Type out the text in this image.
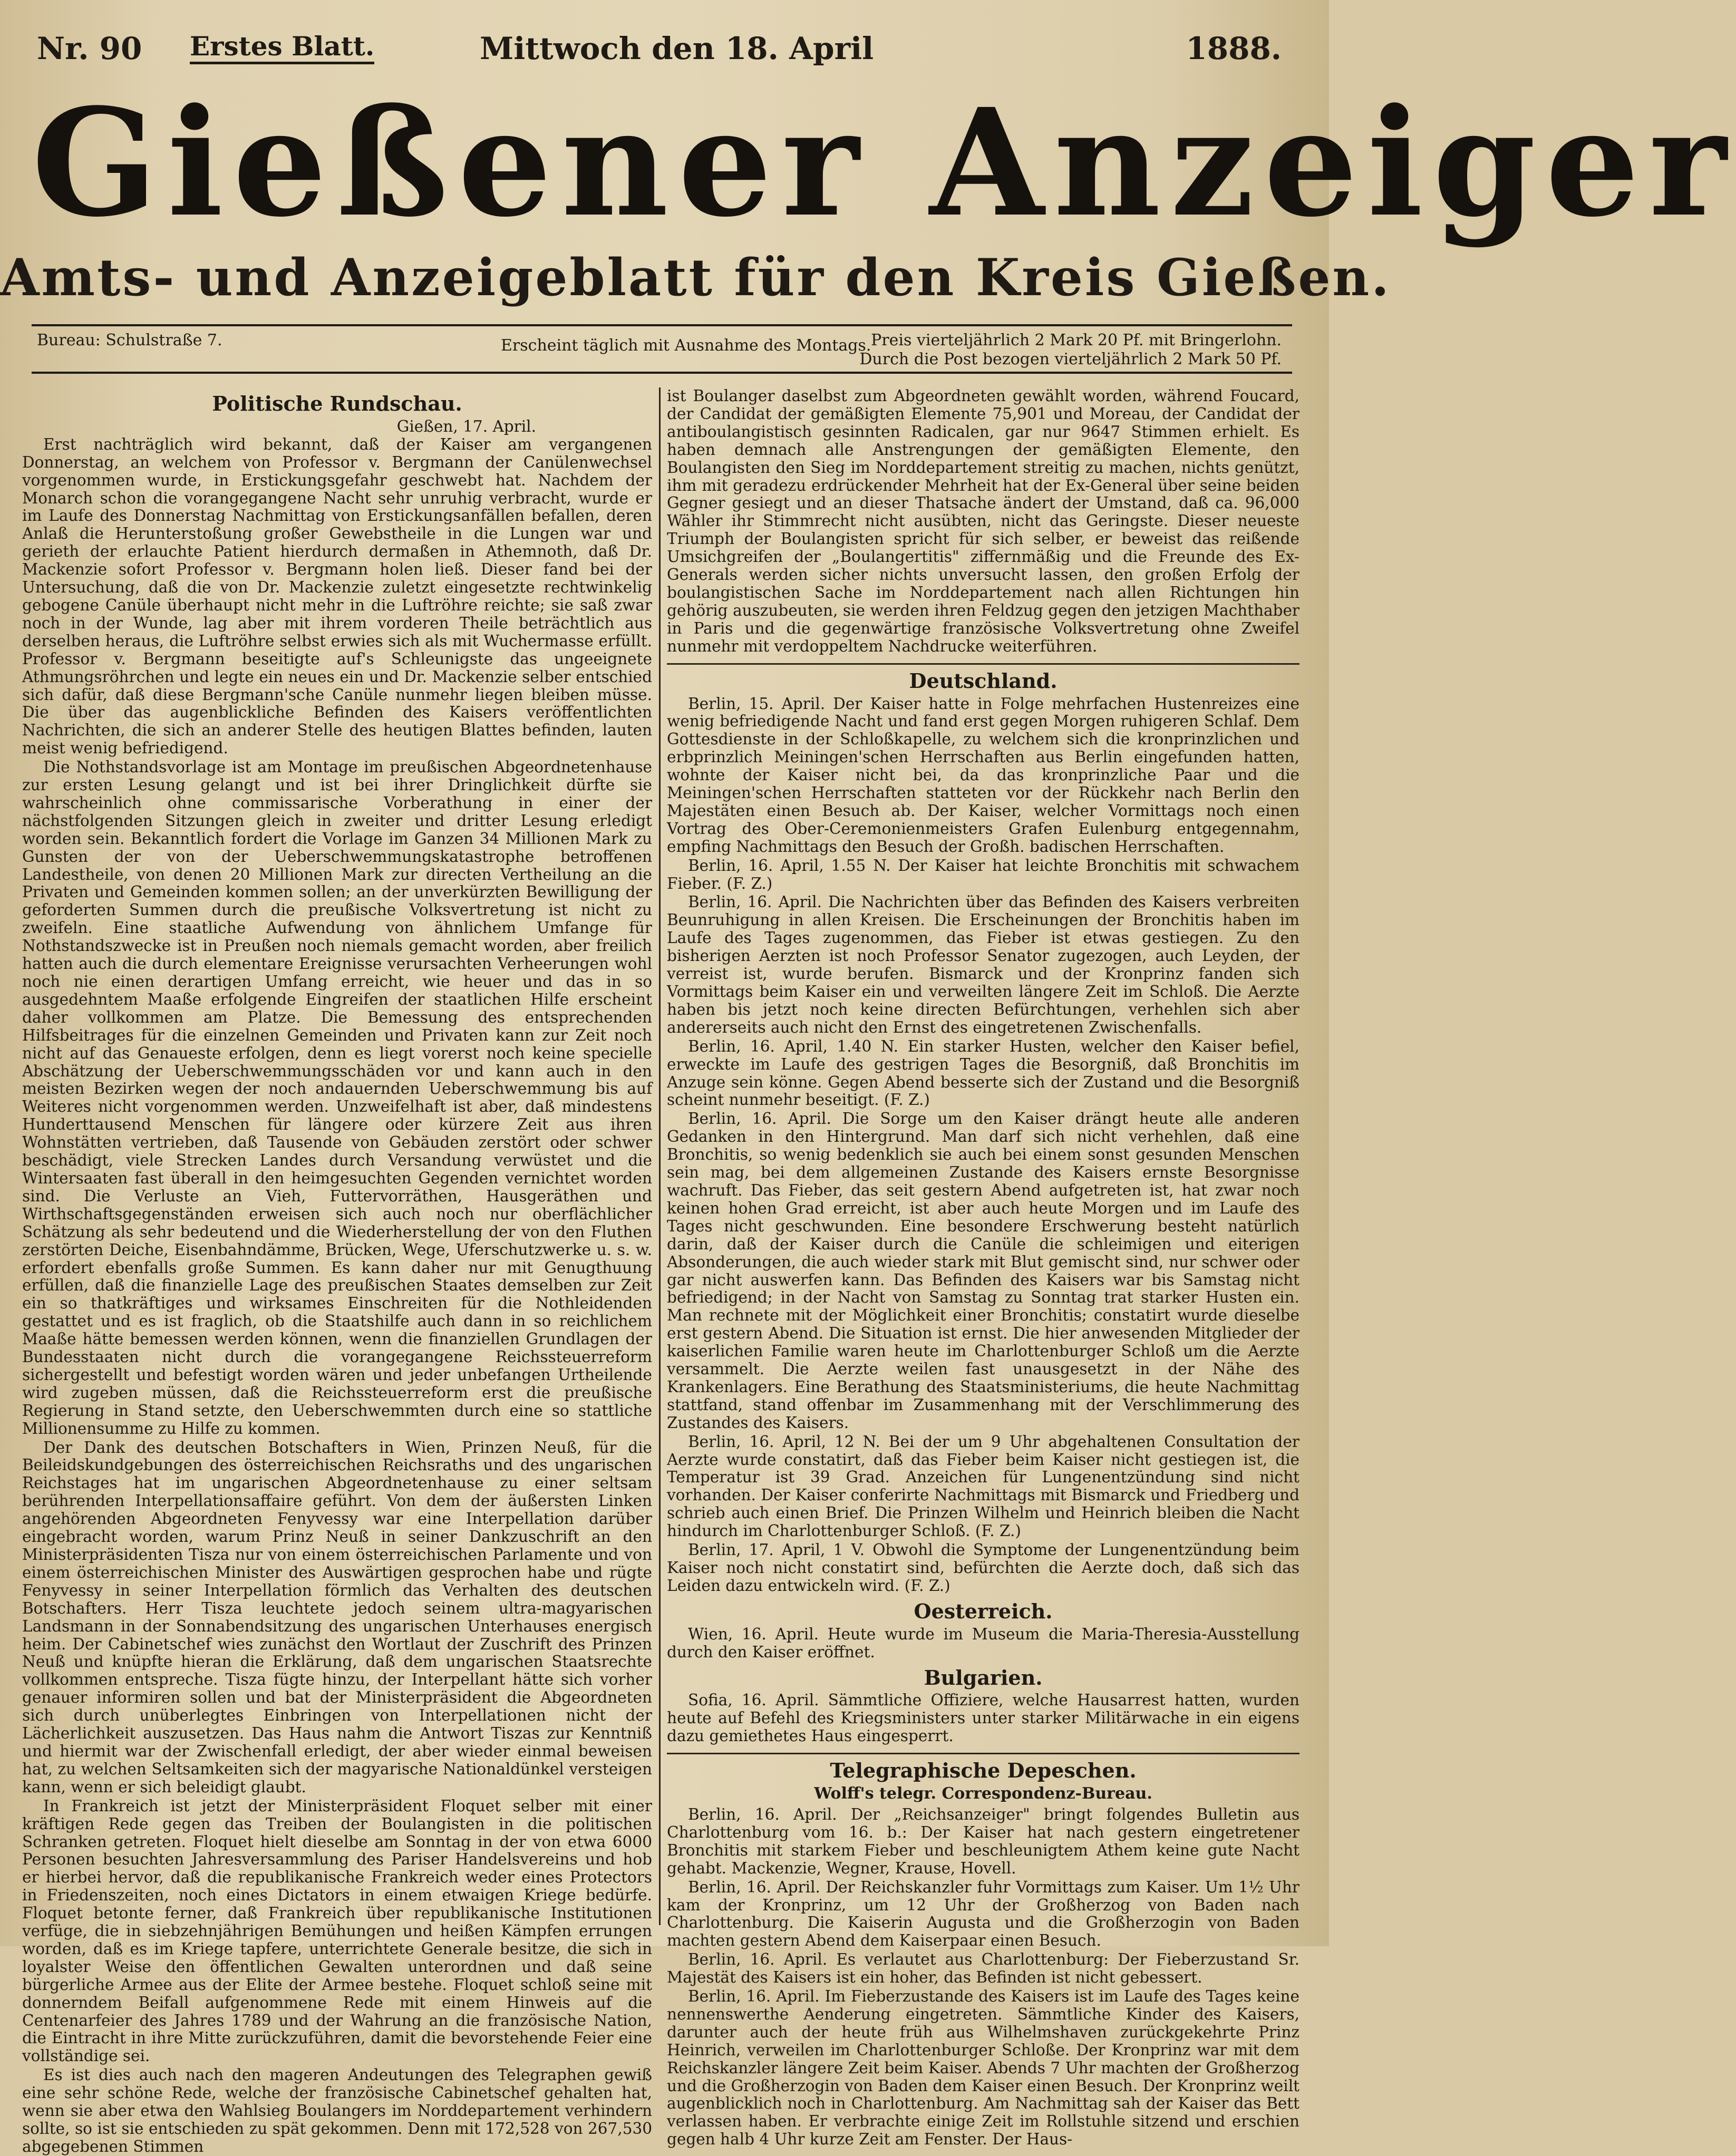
Nr. 90 Erstes Blatt.	Mittwoch den 18. April	1888.
Gießener Anzeiger
Amts- und Anzeigeblatt für den Kreis Gießen.
Bureau: Schulstraße 7.	Erscheint täglich mit Ausnahme des Montags. Preis vierteljährlich 2 Mark 20 Pf. mit Bringerlohn.
Durch die Post bezogen vierteljährlich 2 Mark 50 Pf.
Politische Rundschau.
Gießen, 17. April.

Erst nachträglich wird bekannt, daß der Kaiser am vergangenen Donnerstag, an welchem von Professor v. Bergmann der Canülenwechsel vorgenommen wurde, in Erstickungsgefahr geschwebt hat. Nachdem der Monarch schon die vorangegangene Nacht sehr unruhig verbracht, wurde er im Laufe des Donnerstag Nachmittag von Erstickungsanfällen befallen, deren Anlaß die Herunterstoßung großer Gewebstheile in die Lungen war und gerieth der erlauchte Patient hierdurch dermaßen in Athemnoth, daß Dr. Mackenzie sofort Professor v. Bergmann holen ließ. Dieser fand bei der Untersuchung, daß die von Dr. Mackenzie zuletzt eingesetzte rechtwinkelig gebogene Canüle überhaupt nicht mehr in die Luftröhre reichte; sie saß zwar noch in der Wunde, lag aber mit ihrem vorderen Theile beträchtlich aus derselben heraus, die Luftröhre selbst erwies sich als mit Wuchermasse erfüllt. Professor v. Bergmann beseitigte auf's Schleunigste das ungeeignete Athmungsröhrchen und legte ein neues ein und Dr. Mackenzie selber entschied sich dafür, daß diese Bergmann'sche Canüle nunmehr liegen bleiben müsse. Die über das augenblickliche Befinden des Kaisers veröffentlichten Nachrichten, die sich an anderer Stelle des heutigen Blattes befinden, lauten meist wenig befriedigend.

Die Nothstandsvorlage ist am Montage im preußischen Abgeordnetenhause zur ersten Lesung gelangt und ist bei ihrer Dringlichkeit dürfte sie wahrscheinlich ohne commissarische Vorberathung in einer der nächstfolgenden Sitzungen gleich in zweiter und dritter Lesung erledigt worden sein. Bekanntlich fordert die Vorlage im Ganzen 34 Millionen Mark zu Gunsten der von der Ueberschwemmungskatastrophe betroffenen Landestheile, von denen 20 Millionen Mark zur directen Vertheilung an die Privaten und Gemeinden kommen sollen; an der unverkürzten Bewilligung der geforderten Summen durch die preußische Volksvertretung ist nicht zu zweifeln. Eine staatliche Aufwendung von ähnlichem Umfange für Nothstandszwecke ist in Preußen noch niemals gemacht worden, aber freilich hatten auch die durch elementare Ereignisse verursachten Verheerungen wohl noch nie einen derartigen Umfang erreicht, wie heuer und das in so ausgedehntem Maaße erfolgende Eingreifen der staatlichen Hilfe erscheint daher vollkommen am Platze. Die Bemessung des entsprechenden Hilfsbeitrages für die einzelnen Gemeinden und Privaten kann zur Zeit noch nicht auf das Genaueste erfolgen, denn es liegt vorerst noch keine specielle Abschätzung der Ueberschwemmungsschäden vor und kann auch in den meisten Bezirken wegen der noch andauernden Ueberschwemmung bis auf Weiteres nicht vorgenommen werden. Unzweifelhaft ist aber, daß mindestens Hunderttausend Menschen für längere oder kürzere Zeit aus ihren Wohnstätten vertrieben, daß Tausende von Gebäuden zerstört oder schwer beschädigt, viele Strecken Landes durch Versandung verwüstet und die Wintersaaten fast überall in den heimgesuchten Gegenden vernichtet worden sind. Die Verluste an Vieh, Futtervorräthen, Hausgeräthen und Wirthschaftsgegenständen erweisen sich auch noch nur oberflächlicher Schätzung als sehr bedeutend und die Wiederherstellung der von den Fluthen zerstörten Deiche, Eisenbahndämme, Brücken, Wege, Uferschutzwerke u. s. w. erfordert ebenfalls große Summen. Es kann daher nur mit Genugthuung erfüllen, daß die finanzielle Lage des preußischen Staates demselben zur Zeit ein so thatkräftiges und wirksames Einschreiten für die Nothleidenden gestattet und es ist fraglich, ob die Staatshilfe auch dann in so reichlichem Maaße hätte bemessen werden können, wenn die finanziellen Grundlagen der Bundesstaaten nicht durch die vorangegangene Reichssteuerreform sichergestellt und befestigt worden wären und jeder unbefangen Urtheilende wird zugeben müssen, daß die Reichssteuerreform erst die preußische Regierung in Stand setzte, den Ueberschwemmten durch eine so stattliche Millionensumme zu Hilfe zu kommen.

Der Dank des deutschen Botschafters in Wien, Prinzen Neuß, für die Beileidskundgebungen des österreichischen Reichsraths und des ungarischen Reichstages hat im ungarischen Abgeordnetenhause zu einer seltsam berührenden Interpellationsaffaire geführt. Von dem der äußersten Linken angehörenden Abgeordneten Fenyvessy war eine Interpellation darüber eingebracht worden, warum Prinz Neuß in seiner Dankzuschrift an den Ministerpräsidenten Tisza nur von einem österreichischen Parlamente und von einem österreichischen Minister des Auswärtigen gesprochen habe und rügte Fenyvessy in seiner Interpellation förmlich das Verhalten des deutschen Botschafters. Herr Tisza leuchtete jedoch seinem ultra-magyarischen Landsmann in der Sonnabendsitzung des ungarischen Unterhauses energisch heim. Der Cabinetschef wies zunächst den Wortlaut der Zuschrift des Prinzen Neuß und knüpfte hieran die Erklärung, daß dem ungarischen Staatsrechte vollkommen entspreche. Tisza fügte hinzu, der Interpellant hätte sich vorher genauer informiren sollen und bat der Ministerpräsident die Abgeordneten sich durch unüberlegtes Einbringen von Interpellationen nicht der Lächerlichkeit auszusetzen. Das Haus nahm die Antwort Tiszas zur Kenntniß und hiermit war der Zwischenfall erledigt, der aber wieder einmal beweisen hat, zu welchen Seltsamkeiten sich der magyarische Nationaldünkel versteigen kann, wenn er sich beleidigt glaubt.

In Frankreich ist jetzt der Ministerpräsident Floquet selber mit einer kräftigen Rede gegen das Treiben der Boulangisten in die politischen Schranken getreten. Floquet hielt dieselbe am Sonntag in der von etwa 6000 Personen besuchten Jahresversammlung des Pariser Handelsvereins und hob er hierbei hervor, daß die republikanische Frankreich weder eines Protectors in Friedenszeiten, noch eines Dictators in einem etwaigen Kriege bedürfe. Floquet betonte ferner, daß Frankreich über republikanische Institutionen verfüge, die in siebzehnjährigen Bemühungen und heißen Kämpfen errungen worden, daß es im Kriege tapfere, unterrichtete Generale besitze, die sich in loyalster Weise den öffentlichen Gewalten unterordnen und daß seine bürgerliche Armee aus der Elite der Armee bestehe. Floquet schloß seine mit donnerndem Beifall aufgenommene Rede mit einem Hinweis auf die Centenarfeier des Jahres 1789 und der Wahrung an die französische Nation, die Eintracht in ihre Mitte zurückzuführen, damit die bevorstehende Feier eine vollständige sei.

Es ist dies auch nach den mageren Andeutungen des Telegraphen gewiß eine sehr schöne Rede, welche der französische Cabinetschef gehalten hat, wenn sie aber etwa den Wahlsieg Boulangers im Norddepartement verhindern sollte, so ist sie entschieden zu spät gekommen. Denn mit 172,528 von 267,530 abgegebenen Stimmen

ist Boulanger daselbst zum Abgeordneten gewählt worden, während Foucard, der Candidat der gemäßigten Elemente 75,901 und Moreau, der Candidat der antiboulangistisch gesinnten Radicalen, gar nur 9647 Stimmen erhielt. Es haben demnach alle Anstrengungen der gemäßigten Elemente, den Boulangisten den Sieg im Norddepartement streitig zu machen, nichts genützt, ihm mit geradezu erdrückender Mehrheit hat der Ex-General über seine beiden Gegner gesiegt und an dieser Thatsache ändert der Umstand, daß ca. 96,000 Wähler ihr Stimmrecht nicht ausübten, nicht das Geringste. Dieser neueste Triumph der Boulangisten spricht für sich selber, er beweist das reißende Umsichgreifen der „Boulangertitis" ziffernmäßig und die Freunde des Ex-Generals werden sicher nichts unversucht lassen, den großen Erfolg der boulangistischen Sache im Norddepartement nach allen Richtungen hin gehörig auszubeuten, sie werden ihren Feldzug gegen den jetzigen Machthaber in Paris und die gegenwärtige französische Volksvertretung ohne Zweifel nunmehr mit verdoppeltem Nachdrucke weiterführen.

Deutschland.

Berlin, 15. April. Der Kaiser hatte in Folge mehrfachen Hustenreizes eine wenig befriedigende Nacht und fand erst gegen Morgen ruhigeren Schlaf. Dem Gottesdienste in der Schloßkapelle, zu welchem sich die kronprinzlichen und erbprinzlich Meiningen'schen Herrschaften aus Berlin eingefunden hatten, wohnte der Kaiser nicht bei, da das kronprinzliche Paar und die Meiningen'schen Herrschaften statteten vor der Rückkehr nach Berlin den Majestäten einen Besuch ab. Der Kaiser, welcher Vormittags noch einen Vortrag des Ober-Ceremonienmeisters Grafen Eulenburg entgegennahm, empfing Nachmittags den Besuch der Großh. badischen Herrschaften.

Berlin, 16. April, 1.55 N. Der Kaiser hat leichte Bronchitis mit schwachem Fieber. (F. Z.)

Berlin, 16. April. Die Nachrichten über das Befinden des Kaisers verbreiten Beunruhigung in allen Kreisen. Die Erscheinungen der Bronchitis haben im Laufe des Tages zugenommen, das Fieber ist etwas gestiegen. Zu den bisherigen Aerzten ist noch Professor Senator zugezogen, auch Leyden, der verreist ist, wurde berufen. Bismarck und der Kronprinz fanden sich Vormittags beim Kaiser ein und verweilten längere Zeit im Schloß. Die Aerzte haben bis jetzt noch keine directen Befürchtungen, verhehlen sich aber andererseits auch nicht den Ernst des eingetretenen Zwischenfalls.

Berlin, 16. April, 1.40 N. Ein starker Husten, welcher den Kaiser befiel, erweckte im Laufe des gestrigen Tages die Besorgniß, daß Bronchitis im Anzuge sein könne. Gegen Abend besserte sich der Zustand und die Besorgniß scheint nunmehr beseitigt. (F. Z.)

Berlin, 16. April. Die Sorge um den Kaiser drängt heute alle anderen Gedanken in den Hintergrund. Man darf sich nicht verhehlen, daß eine Bronchitis, so wenig bedenklich sie auch bei einem sonst gesunden Menschen sein mag, bei dem allgemeinen Zustande des Kaisers ernste Besorgnisse wachruft. Das Fieber, das seit gestern Abend aufgetreten ist, hat zwar noch keinen hohen Grad erreicht, ist aber auch heute Morgen und im Laufe des Tages nicht geschwunden. Eine besondere Erschwerung besteht natürlich darin, daß der Kaiser durch die Canüle die schleimigen und eiterigen Absonderungen, die auch wieder stark mit Blut gemischt sind, nur schwer oder gar nicht auswerfen kann. Das Befinden des Kaisers war bis Samstag nicht befriedigend; in der Nacht von Samstag zu Sonntag trat starker Husten ein. Man rechnete mit der Möglichkeit einer Bronchitis; constatirt wurde dieselbe erst gestern Abend. Die Situation ist ernst. Die hier anwesenden Mitglieder der kaiserlichen Familie waren heute im Charlottenburger Schloß um die Aerzte versammelt. Die Aerzte weilen fast unausgesetzt in der Nähe des Krankenlagers. Eine Berathung des Staatsministeriums, die heute Nachmittag stattfand, stand offenbar im Zusammenhang mit der Verschlimmerung des Zustandes des Kaisers.

Berlin, 16. April, 12 N. Bei der um 9 Uhr abgehaltenen Consultation der Aerzte wurde constatirt, daß das Fieber beim Kaiser nicht gestiegen ist, die Temperatur ist 39 Grad. Anzeichen für Lungenentzündung sind nicht vorhanden. Der Kaiser conferirte Nachmittags mit Bismarck und Friedberg und schrieb auch einen Brief. Die Prinzen Wilhelm und Heinrich bleiben die Nacht hindurch im Charlottenburger Schloß. (F. Z.)

Berlin, 17. April, 1 V. Obwohl die Symptome der Lungenentzündung beim Kaiser noch nicht constatirt sind, befürchten die Aerzte doch, daß sich das Leiden dazu entwickeln wird. (F. Z.)

Oesterreich.

Wien, 16. April. Heute wurde im Museum die Maria-Theresia-Ausstellung durch den Kaiser eröffnet.

Bulgarien.

Sofia, 16. April. Sämmtliche Offiziere, welche Hausarrest hatten, wurden heute auf Befehl des Kriegsministers unter starker Militärwache in ein eigens dazu gemiethetes Haus eingesperrt.

Telegraphische Depeschen.
Wolff's telegr. Correspondenz-Bureau.

Berlin, 16. April. Der „Reichsanzeiger" bringt folgendes Bulletin aus Charlottenburg vom 16. b.: Der Kaiser hat nach gestern eingetretener Bronchitis mit starkem Fieber und beschleunigtem Athem keine gute Nacht gehabt. Mackenzie, Wegner, Krause, Hovell.

Berlin, 16. April. Der Reichskanzler fuhr Vormittags zum Kaiser. Um 1½ Uhr kam der Kronprinz, um 12 Uhr der Großherzog von Baden nach Charlottenburg. Die Kaiserin Augusta und die Großherzogin von Baden machten gestern Abend dem Kaiserpaar einen Besuch.

Berlin, 16. April. Es verlautet aus Charlottenburg: Der Fieberzustand Sr. Majestät des Kaisers ist ein hoher, das Befinden ist nicht gebessert.

Berlin, 16. April. Im Fieberzustande des Kaisers ist im Laufe des Tages keine nennenswerthe Aenderung eingetreten. Sämmtliche Kinder des Kaisers, darunter auch der heute früh aus Wilhelmshaven zurückgekehrte Prinz Heinrich, verweilen im Charlottenburger Schloße. Der Kronprinz war mit dem Reichskanzler längere Zeit beim Kaiser. Abends 7 Uhr machten der Großherzog und die Großherzogin von Baden dem Kaiser einen Besuch. Der Kronprinz weilt augenblicklich noch in Charlottenburg. Am Nachmittag sah der Kaiser das Bett verlassen haben. Er verbrachte einige Zeit im Rollstuhle sitzend und erschien gegen halb 4 Uhr kurze Zeit am Fenster. Der Haus-
